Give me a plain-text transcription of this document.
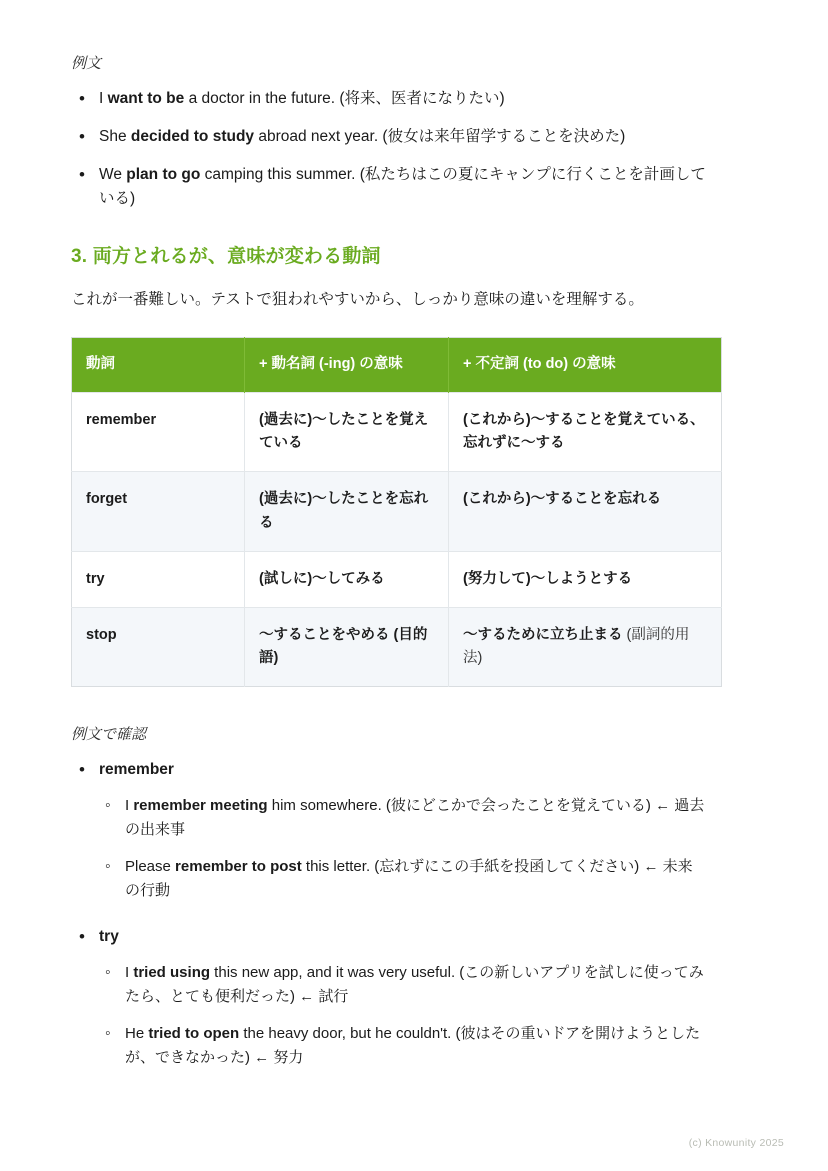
例文
• I want to be a doctor in the future. (将来、医者になりたい)
• She decided to study abroad next year. (彼女は来年留学することを決めた)
• We plan to go camping this summer. (私たちはこの夏にキャンプに行くことを計画している)
3. 両方とれるが、意味が変わる動詞

これが一番難しい。テストで狙われやすいから、しっかり意味の違いを理解する。

動詞	+ 動名詞 (-ing) の意味	+ 不定詞 (to do) の意味
remember	(過去に)〜したことを覚えている	(これから)〜することを覚えている、忘れずに〜する
forget	(過去に)〜したことを忘れる	(これから)〜することを忘れる
try	(試しに)〜してみる	(努力して)〜しようとする
stop	〜することをやめる (目的語)	〜するために立ち止まる (副詞的用法)
例文で確認
• remember
◦ I remember meeting him somewhere. (彼にどこかで会ったことを覚えている) ← 過去の出来事
◦ Please remember to post this letter. (忘れずにこの手紙を投函してください) ← 未来の行動
• try
◦ I tried using this new app, and it was very useful. (この新しいアプリを試しに使ってみたら、とても便利だった) ← 試行
◦ He tried to open the heavy door, but he couldn't. (彼はその重いドアを開けようとしたが、できなかった) ← 努力
(c) Knowunity 2025
